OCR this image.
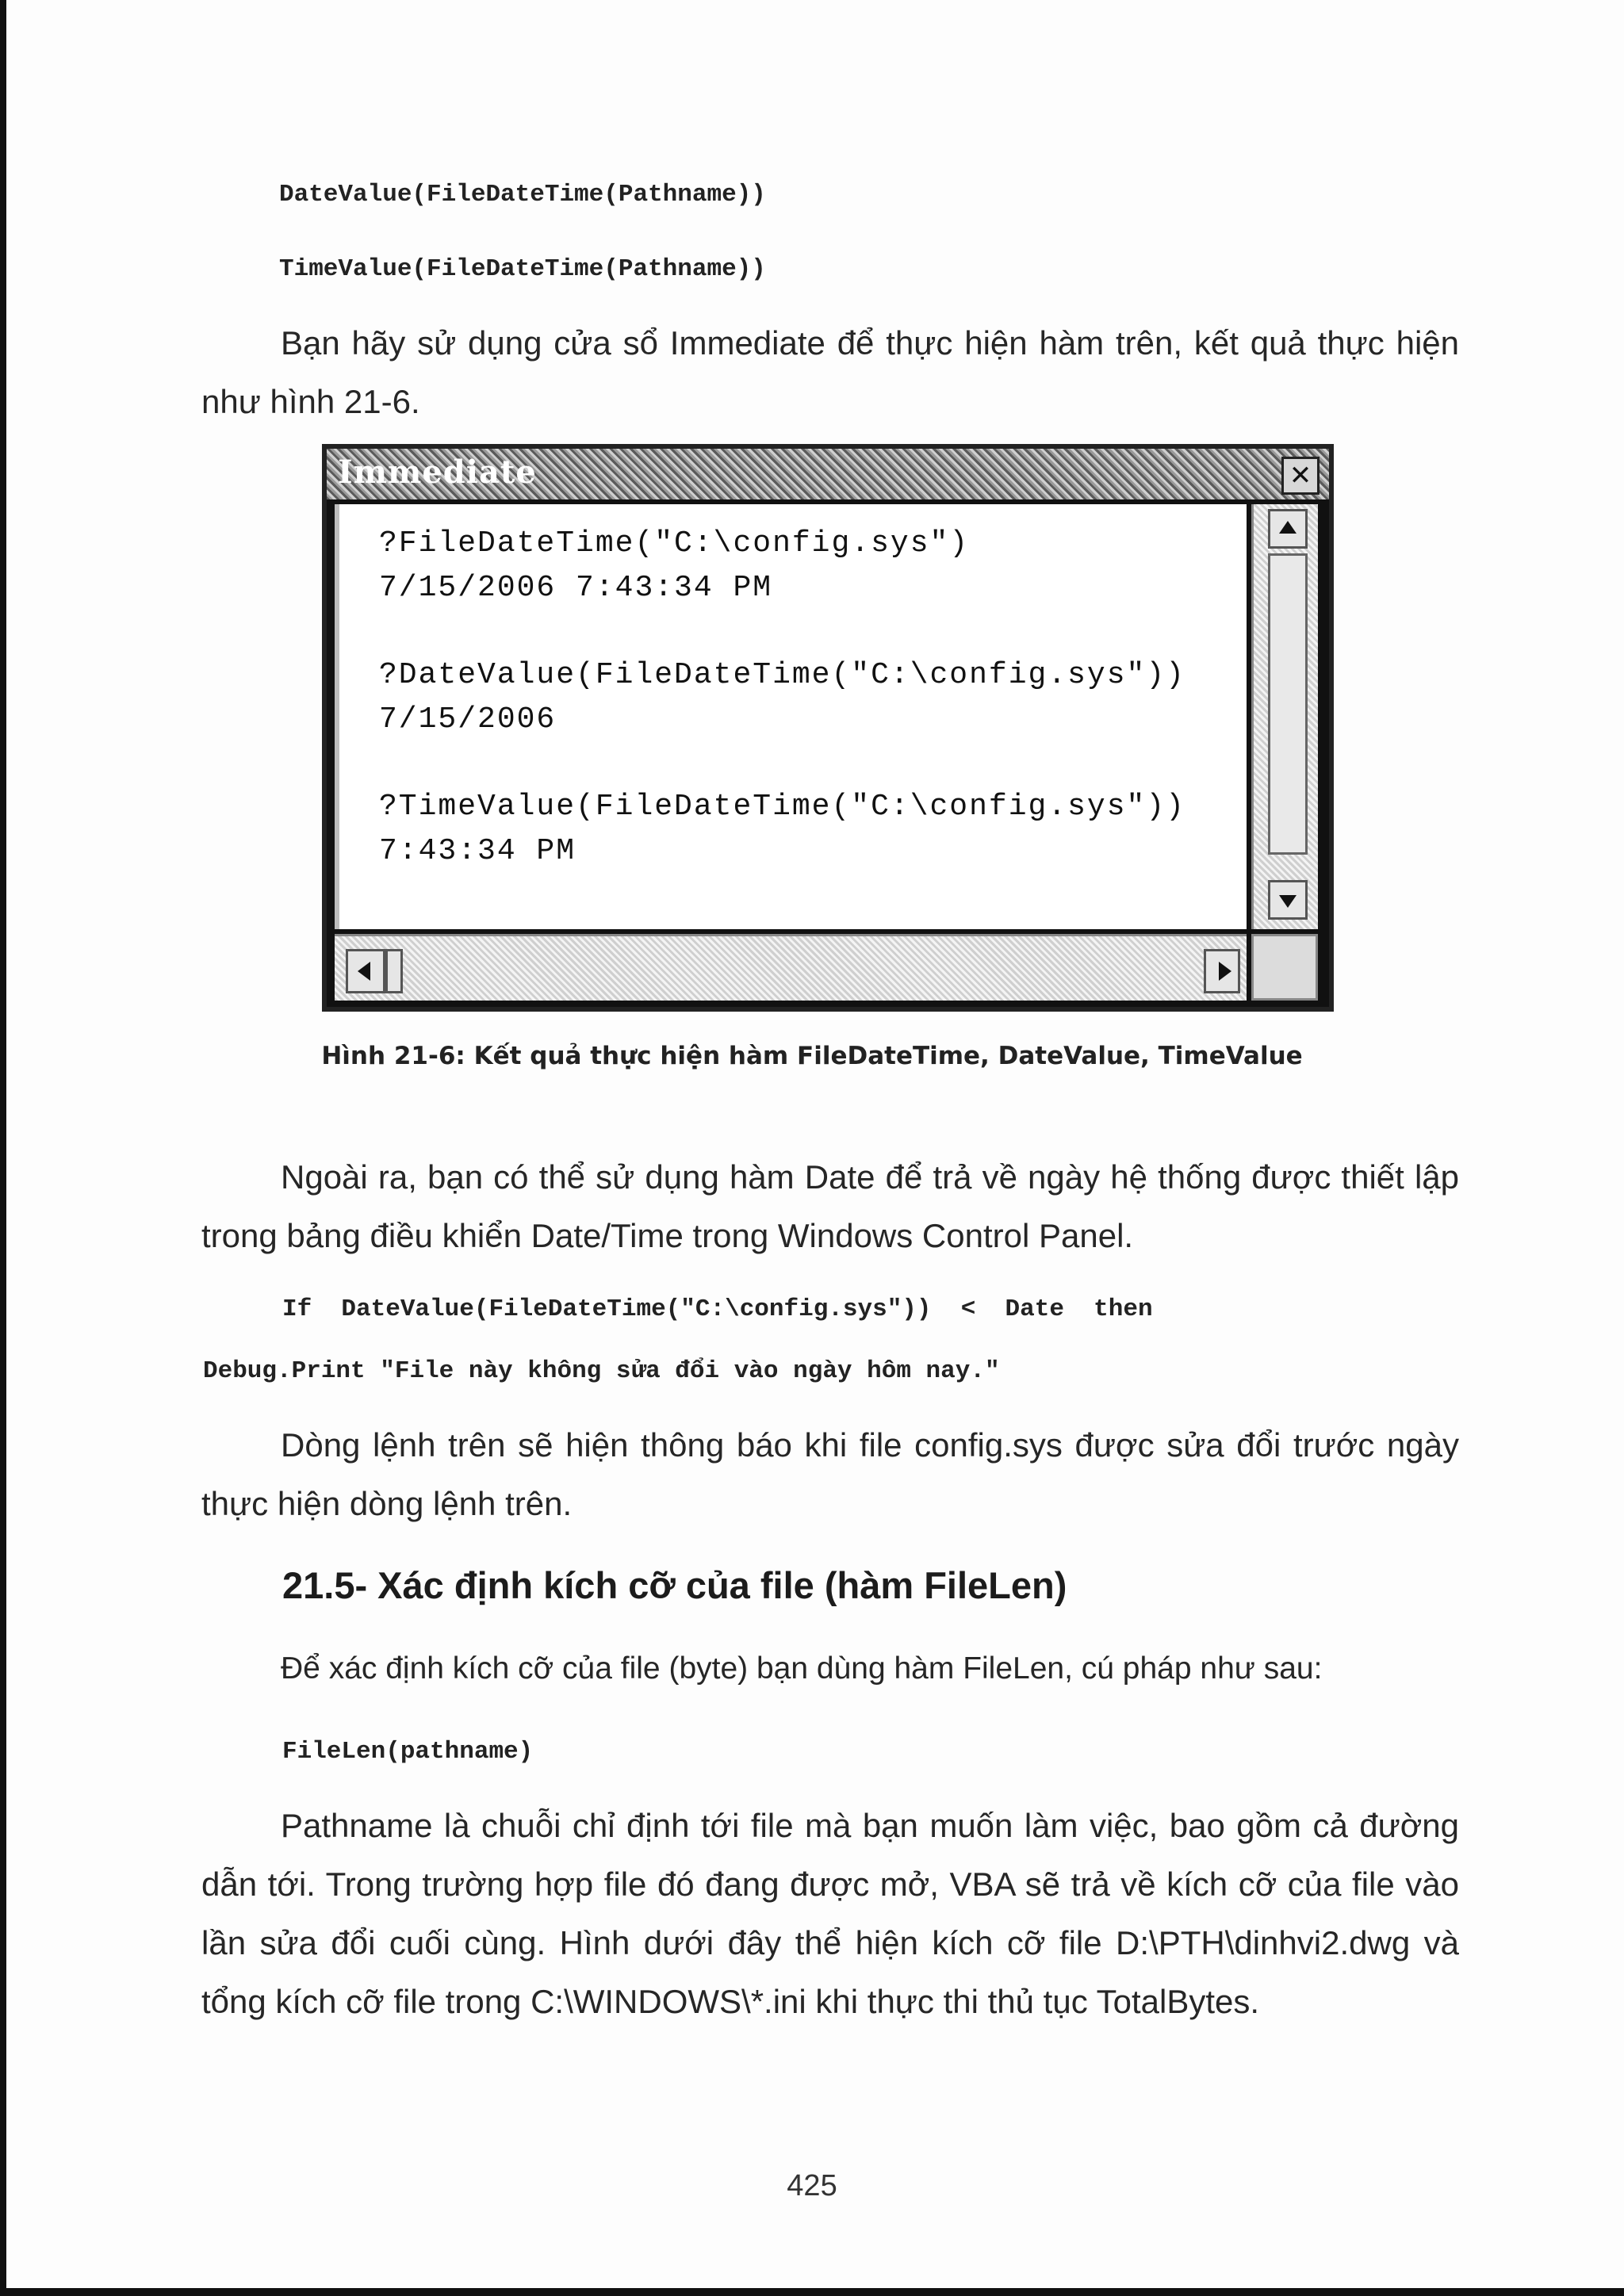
DateValue(FileDateTime(Pathname))
TimeValue(FileDateTime(Pathname))

Bạn hãy sử dụng cửa sổ Immediate để thực hiện hàm trên, kết quả thực hiện như hình 21-6.

Immediate	✕
?FileDateTime("C:\config.sys")
7/15/2006 7:43:34 PM
?DateValue(FileDateTime("C:\config.sys"))
7/15/2006
?TimeValue(FileDateTime("C:\config.sys"))
7:43:34 PM
Hình 21-6: Kết quả thực hiện hàm FileDateTime, DateValue, TimeValue

Ngoài ra, bạn có thể sử dụng hàm Date để trả về ngày hệ thống được thiết lập trong bảng điều khiển Date/Time trong Windows Control Panel.

If  DateValue(FileDateTime("C:\config.sys"))  <  Date  then
Debug.Print "File này không sửa đổi vào ngày hôm nay."

Dòng lệnh trên sẽ hiện thông báo khi file config.sys được sửa đổi trước ngày thực hiện dòng lệnh trên.

21.5- Xác định kích cỡ của file (hàm FileLen)

Để xác định kích cỡ của file (byte) bạn dùng hàm FileLen, cú pháp như sau:

FileLen(pathname)

Pathname là chuỗi chỉ định tới file mà bạn muốn làm việc, bao gồm cả đường dẫn tới. Trong trường hợp file đó đang được mở, VBA sẽ trả về kích cỡ của file vào lần sửa đổi cuối cùng. Hình dưới đây thể hiện kích cỡ file D:\PTH\dinhvi2.dwg và tổng kích cỡ file trong C:\WINDOWS\*.ini khi thực thi thủ tục TotalBytes.

425
